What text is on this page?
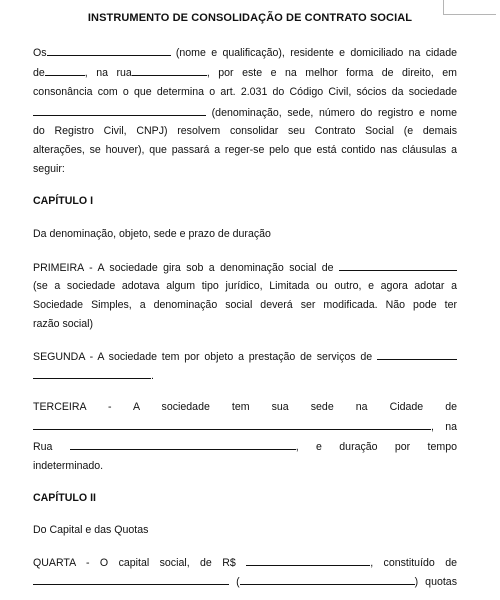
INSTRUMENTO DE CONSOLIDAÇÃO DE CONTRATO SOCIAL
Os	(nome e qualificação), residente e domiciliado na cidade
de	, na rua	, por este e na melhor forma de direito, em
consonância com o que determina o art. 2.031 do Código Civil, sócios da sociedade
(denominação, sede, número do registro e nome
do Registro Civil, CNPJ) resolvem consolidar seu Contrato Social (e demais
alterações, se houver), que passará a reger-se pelo que está contido nas cláusulas a
seguir:
CAPÍTULO I
Da denominação, objeto, sede e prazo de duração
PRIMEIRA - A sociedade gira sob a denominação social de
(se a sociedade adotava algum tipo jurídico, Limitada ou outro, e agora adotar a
Sociedade Simples, a denominação social deverá ser modificada. Não pode ter
razão social)
SEGUNDA - A sociedade tem por objeto a prestação de serviços de
.
TERCEIRA - A sociedade tem sua sede na Cidade de
, na
Rua	, e duração por tempo
indeterminado.
CAPÍTULO II
Do Capital e das Quotas
QUARTA - O capital social, de R$	, constituído de
(	) quotas
